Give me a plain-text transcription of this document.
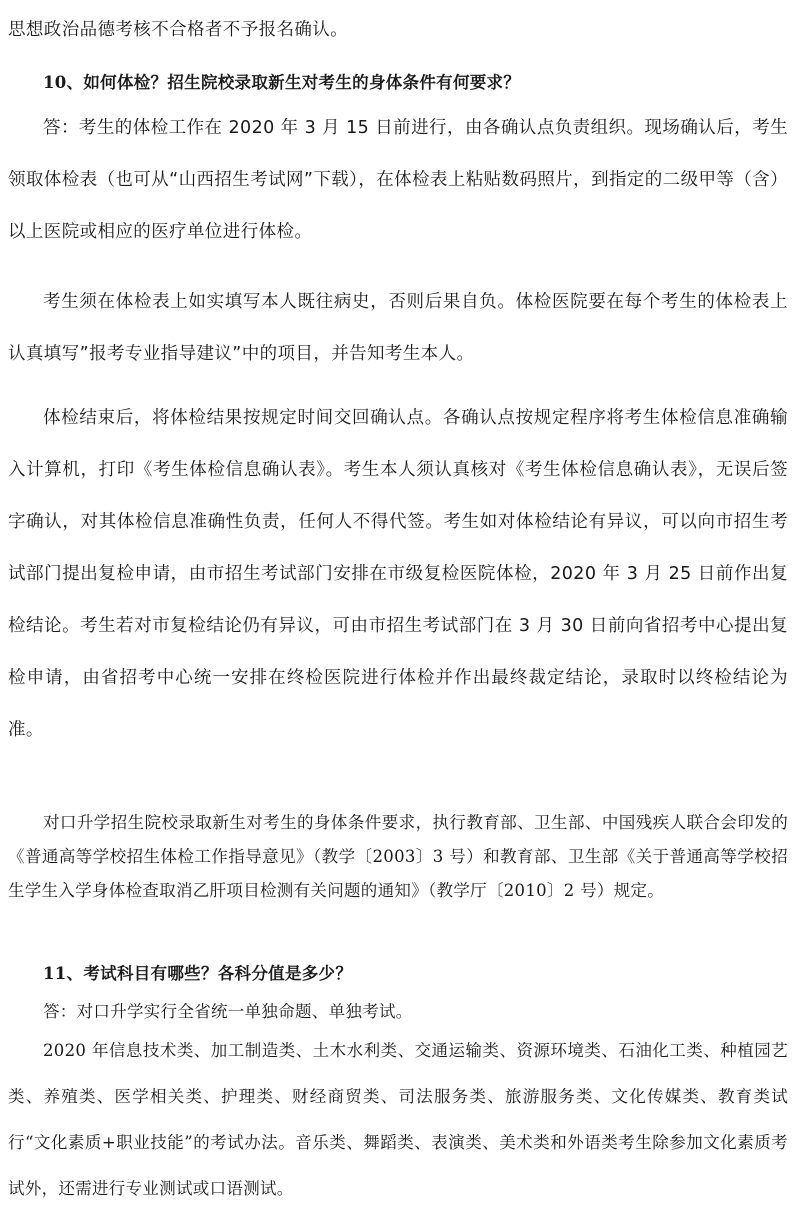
思想政治品德考核不合格者不予报名确认。

10、如何体检？招生院校录取新生对考生的身体条件有何要求？

答：考生的体检工作在 2020 年 3 月 15 日前进行，由各确认点负责组织。现场确认后，考生领取体检表（也可从“山西招生考试网”下载），在体检表上粘贴数码照片，到指定的二级甲等（含）以上医院或相应的医疗单位进行体检。

考生须在体检表上如实填写本人既往病史，否则后果自负。体检医院要在每个考生的体检表上认真填写”报考专业指导建议”中的项目，并告知考生本人。

体检结束后，将体检结果按规定时间交回确认点。各确认点按规定程序将考生体检信息准确输入计算机，打印《考生体检信息确认表》。考生本人须认真核对《考生体检信息确认表》，无误后签字确认，对其体检信息准确性负责，任何人不得代签。考生如对体检结论有异议，可以向市招生考试部门提出复检申请，由市招生考试部门安排在市级复检医院体检，2020 年 3 月 25 日前作出复检结论。考生若对市复检结论仍有异议，可由市招生考试部门在 3 月 30 日前向省招考中心提出复检申请，由省招考中心统一安排在终检医院进行体检并作出最终裁定结论，录取时以终检结论为准。

对口升学招生院校录取新生对考生的身体条件要求，执行教育部、卫生部、中国残疾人联合会印发的《普通高等学校招生体检工作指导意见》（教学〔2003〕3 号）和教育部、卫生部《关于普通高等学校招生学生入学身体检查取消乙肝项目检测有关问题的通知》（教学厅〔2010〕2 号）规定。

11、考试科目有哪些？各科分值是多少？

答：对口升学实行全省统一单独命题、单独考试。

2020 年信息技术类、加工制造类、土木水利类、交通运输类、资源环境类、石油化工类、种植园艺类、养殖类、医学相关类、护理类、财经商贸类、司法服务类、旅游服务类、文化传媒类、教育类试行“文化素质+职业技能”的考试办法。音乐类、舞蹈类、表演类、美术类和外语类考生除参加文化素质考试外，还需进行专业测试或口语测试。
